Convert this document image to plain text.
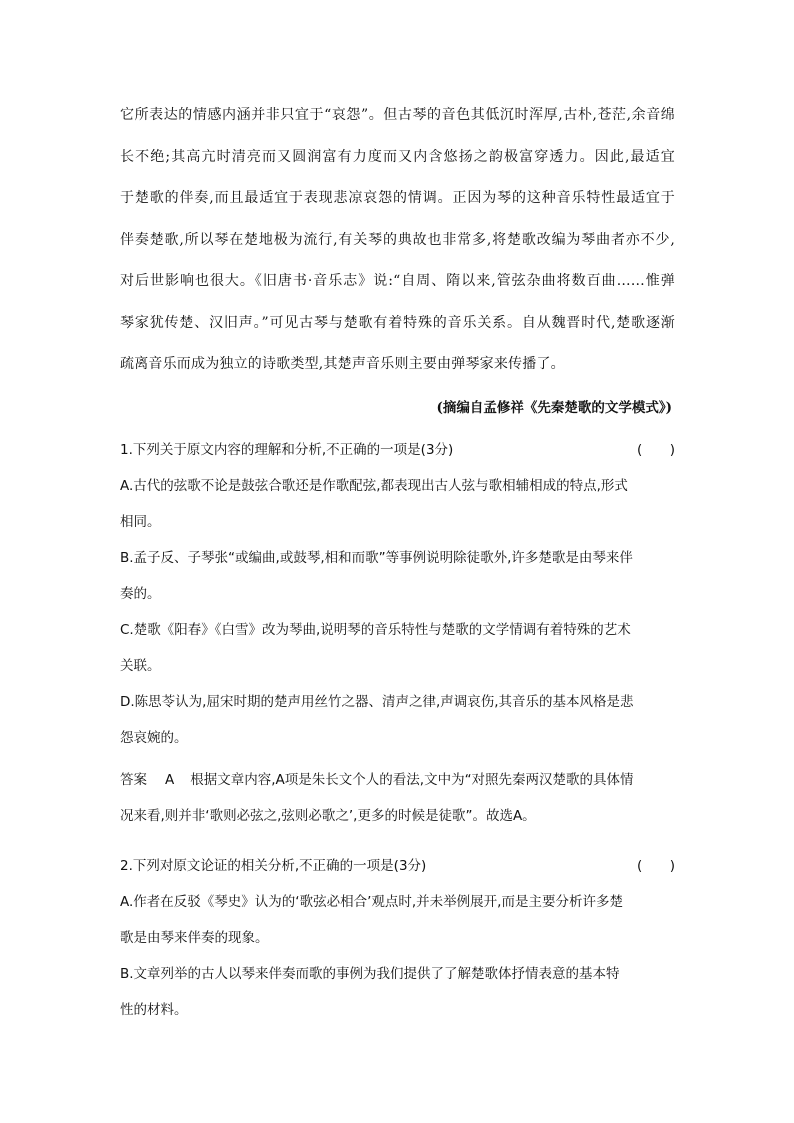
它所表达的情感内涵并非只宜于“哀怨”。但古琴的音色其低沉时浑厚,古朴,苍茫,余音绵
长不绝;其高亢时清亮而又圆润富有力度而又内含悠扬之韵极富穿透力。因此,最适宜
于楚歌的伴奏,而且最适宜于表现悲凉哀怨的情调。正因为琴的这种音乐特性最适宜于
伴奏楚歌,所以琴在楚地极为流行,有关琴的典故也非常多,将楚歌改编为琴曲者亦不少,
对后世影响也很大。《旧唐书·音乐志》说:“自周、隋以来,管弦杂曲将数百曲……惟弹
琴家犹传楚、汉旧声。”可见古琴与楚歌有着特殊的音乐关系。自从魏晋时代,楚歌逐渐
疏离音乐而成为独立的诗歌类型,其楚声音乐则主要由弹琴家来传播了。
(摘编自孟修祥《先秦楚歌的文学模式》)
1.下列关于原文内容的理解和分析,不正确的一项是(3分)	( )
A.古代的弦歌不论是鼓弦合歌还是作歌配弦,都表现出古人弦与歌相辅相成的特点,形式
相同。
B.孟子反、子琴张“或编曲,或鼓琴,相和而歌”等事例说明除徒歌外,许多楚歌是由琴来伴
奏的。
C.楚歌《阳春》《白雪》改为琴曲,说明琴的音乐特性与楚歌的文学情调有着特殊的艺术
关联。
D.陈思苓认为,屈宋时期的楚声用丝竹之器、清声之律,声调哀伤,其音乐的基本风格是悲
怨哀婉的。
答案 A 根据文章内容,A项是朱长文个人的看法,文中为“对照先秦两汉楚歌的具体情
况来看,则并非‘歌则必弦之,弦则必歌之’,更多的时候是徒歌”。故选A。
2.下列对原文论证的相关分析,不正确的一项是(3分)	( )
A.作者在反驳《琴史》认为的‘歌弦必相合’观点时,并未举例展开,而是主要分析许多楚
歌是由琴来伴奏的现象。
B.文章列举的古人以琴来伴奏而歌的事例为我们提供了了解楚歌体抒情表意的基本特
性的材料。
